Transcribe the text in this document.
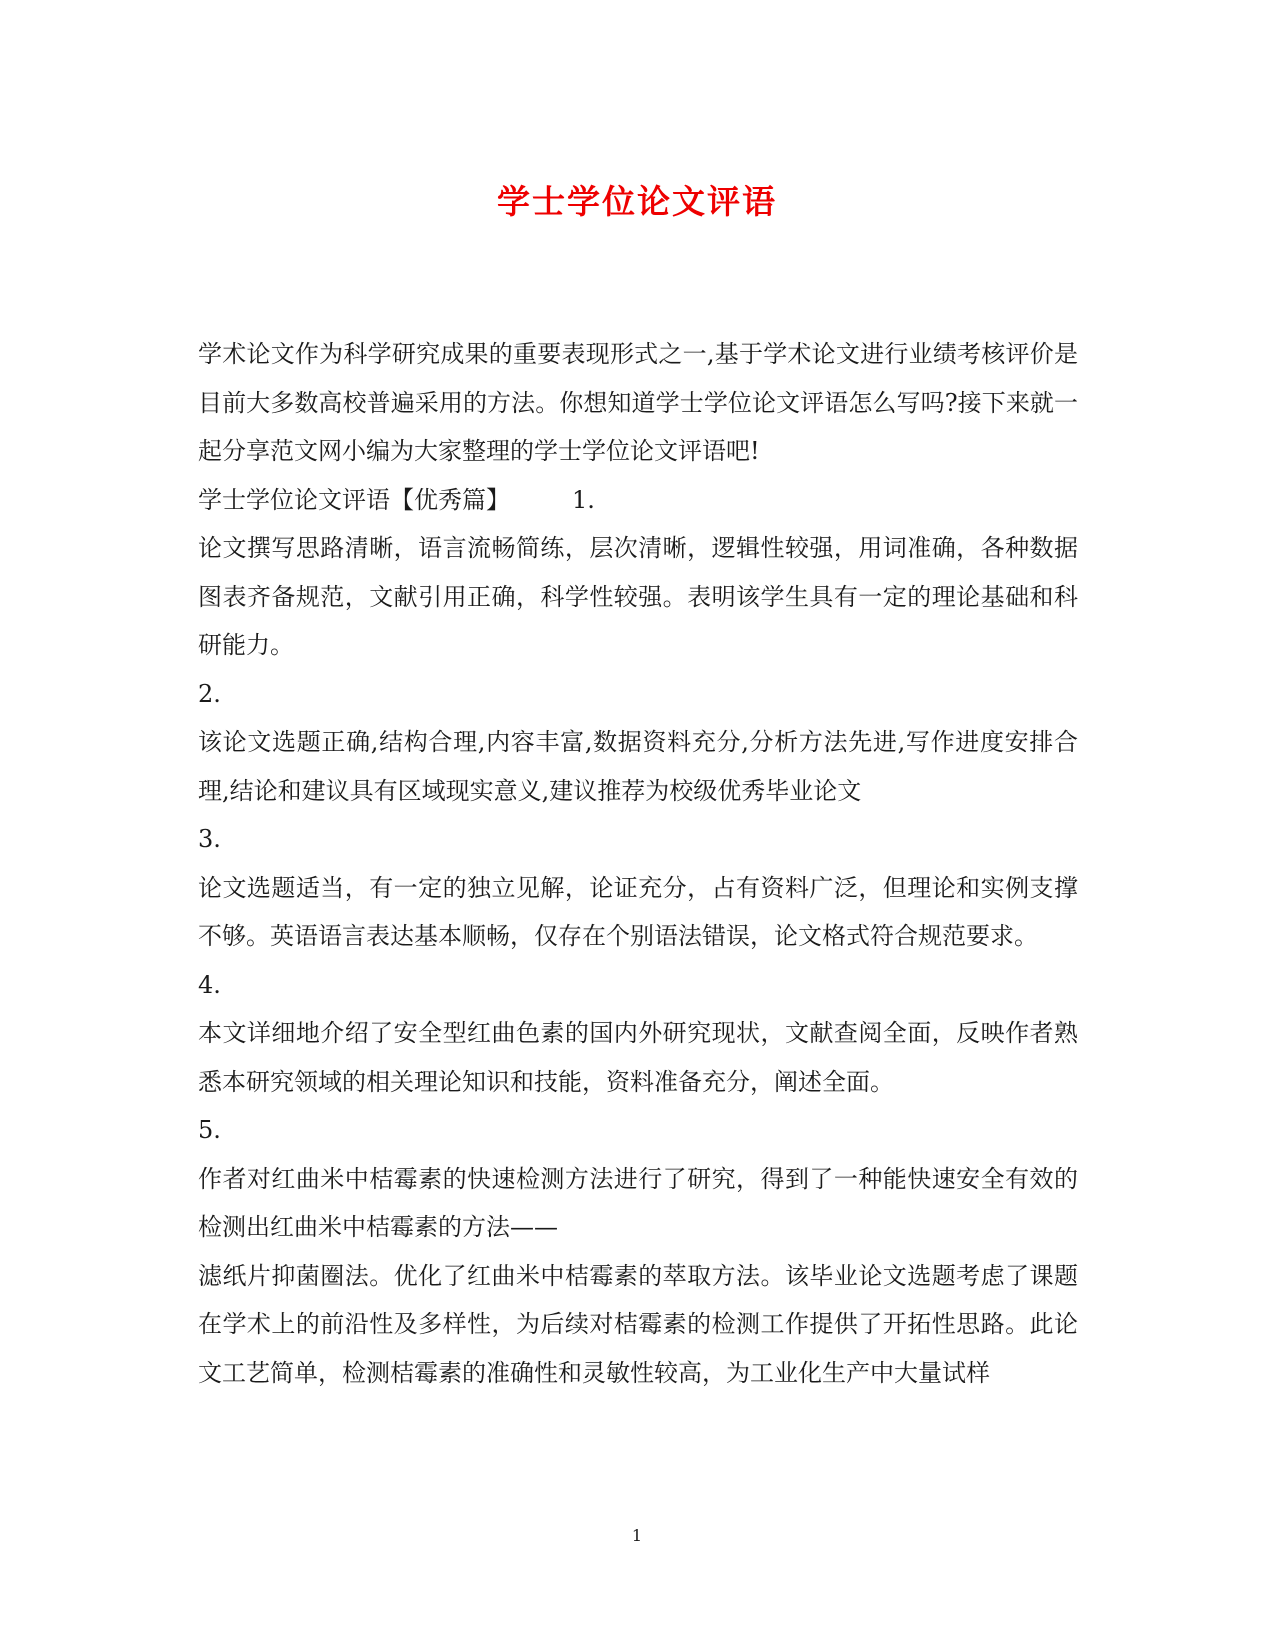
学士学位论文评语

学术论文作为科学研究成果的重要表现形式之一,基于学术论文进行业绩考核评价是目前大多数高校普遍采用的方法。你想知道学士学位论文评语怎么写吗?接下来就一起分享范文网小编为大家整理的学士学位论文评语吧!

学士学位论文评语【优秀篇】	1.

论文撰写思路清晰，语言流畅简练，层次清晰，逻辑性较强，用词准确，各种数据图表齐备规范，文献引用正确，科学性较强。表明该学生具有一定的理论基础和科研能力。

2.

该论文选题正确,结构合理,内容丰富,数据资料充分,分析方法先进,写作进度安排合理,结论和建议具有区域现实意义,建议推荐为校级优秀毕业论文

3.

论文选题适当，有一定的独立见解，论证充分，占有资料广泛，但理论和实例支撑不够。英语语言表达基本顺畅，仅存在个别语法错误，论文格式符合规范要求。

4.

本文详细地介绍了安全型红曲色素的国内外研究现状，文献查阅全面，反映作者熟悉本研究领域的相关理论知识和技能，资料准备充分，阐述全面。

5.

作者对红曲米中桔霉素的快速检测方法进行了研究，得到了一种能快速安全有效的检测出红曲米中桔霉素的方法——

滤纸片抑菌圈法。优化了红曲米中桔霉素的萃取方法。该毕业论文选题考虑了课题在学术上的前沿性及多样性，为后续对桔霉素的检测工作提供了开拓性思路。此论文工艺简单，检测桔霉素的准确性和灵敏性较高，为工业化生产中大量试样

1
